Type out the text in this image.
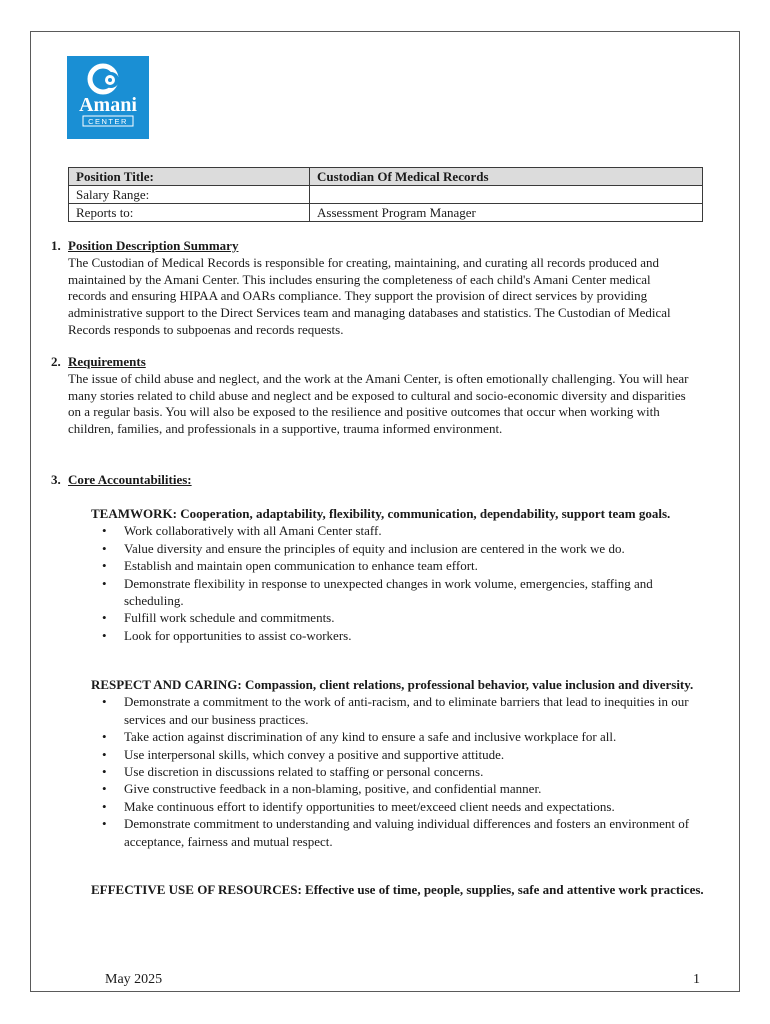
Amani
CENTER
Position Title:	Custodian Of Medical Records
Salary Range:	
Reports to:	Assessment Program Manager
1. Position Description Summary
The Custodian of Medical Records is responsible for creating, maintaining, and curating all records produced and maintained by the Amani Center. This includes ensuring the completeness of each child's Amani Center medical records and ensuring HIPAA and OARs compliance. They support the provision of direct services by providing administrative support to the Direct Services team and managing databases and statistics. The Custodian of Medical Records responds to subpoenas and records requests.
2. Requirements
The issue of child abuse and neglect, and the work at the Amani Center, is often emotionally challenging. You will hear many stories related to child abuse and neglect and be exposed to cultural and socio-economic diversity and disparities on a regular basis. You will also be exposed to the resilience and positive outcomes that occur when working with children, families, and professionals in a supportive, trauma informed environment.
3. Core Accountabilities:
TEAMWORK: Cooperation, adaptability, flexibility, communication, dependability, support team goals.
• Work collaboratively with all Amani Center staff.
• Value diversity and ensure the principles of equity and inclusion are centered in the work we do.
• Establish and maintain open communication to enhance team effort.
• Demonstrate flexibility in response to unexpected changes in work volume, emergencies, staffing and scheduling.
• Fulfill work schedule and commitments.
• Look for opportunities to assist co-workers.
RESPECT AND CARING: Compassion, client relations, professional behavior, value inclusion and diversity.
• Demonstrate a commitment to the work of anti-racism, and to eliminate barriers that lead to inequities in our services and our business practices.
• Take action against discrimination of any kind to ensure a safe and inclusive workplace for all.
• Use interpersonal skills, which convey a positive and supportive attitude.
• Use discretion in discussions related to staffing or personal concerns.
• Give constructive feedback in a non-blaming, positive, and confidential manner.
• Make continuous effort to identify opportunities to meet/exceed client needs and expectations.
• Demonstrate commitment to understanding and valuing individual differences and fosters an environment of acceptance, fairness and mutual respect.
EFFECTIVE USE OF RESOURCES: Effective use of time, people, supplies, safe and attentive work practices.
May 2025	1
